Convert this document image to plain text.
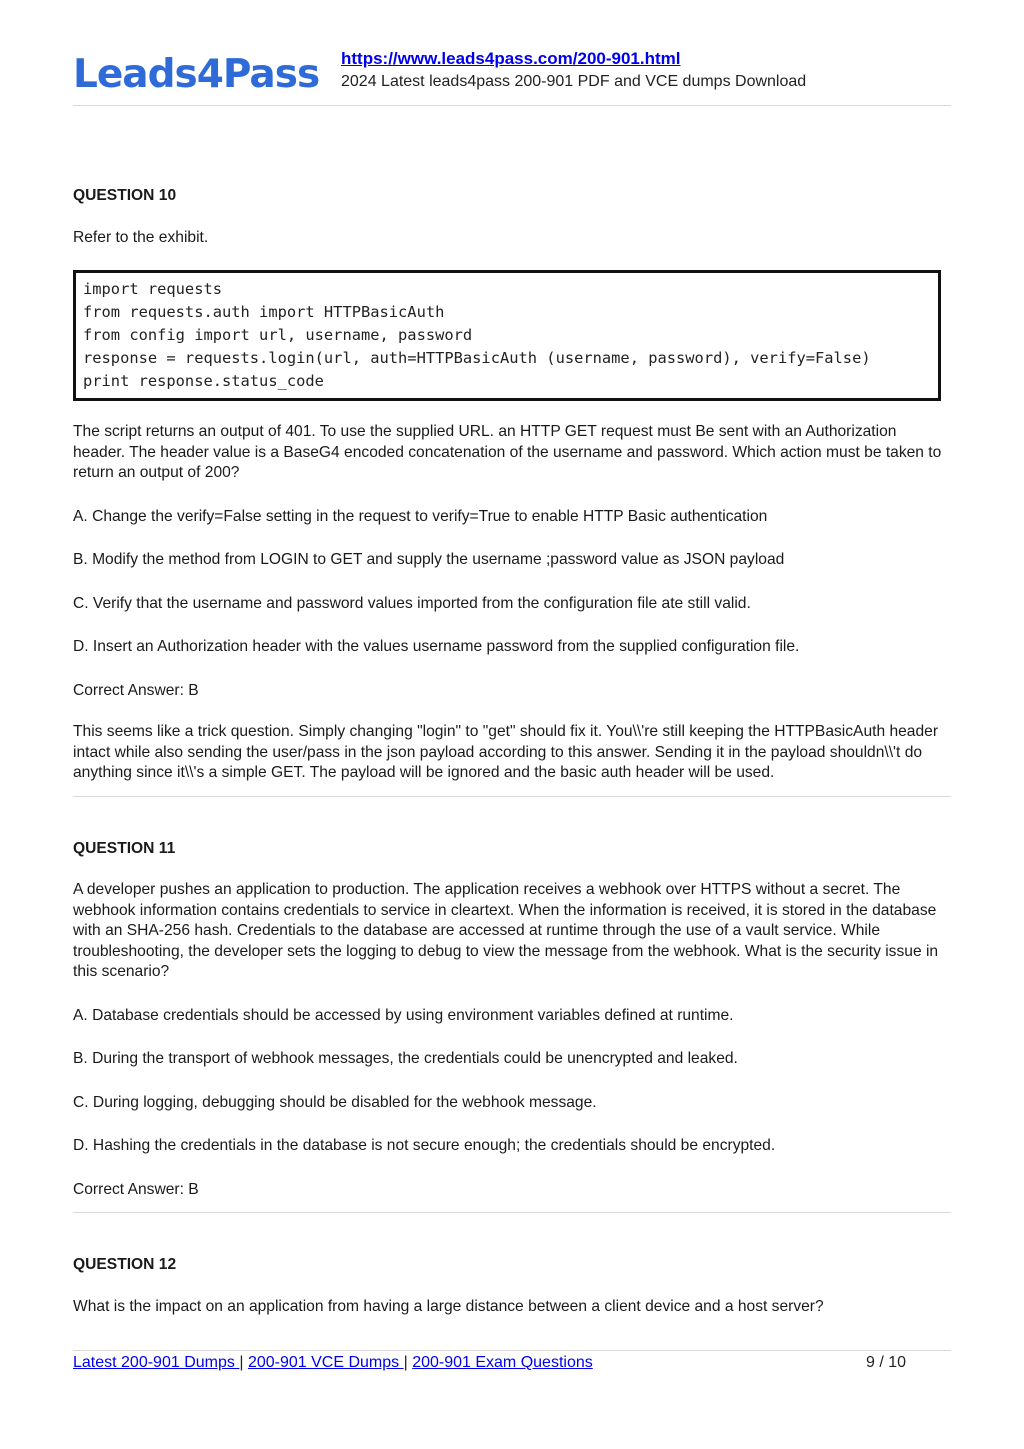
Leads4Pass https://www.leads4pass.com/200-901.html
2024 Latest leads4pass 200-901 PDF and VCE dumps Download

QUESTION 10

Refer to the exhibit.

import requests
from requests.auth import HTTPBasicAuth
from config import url, username, password
response = requests.login(url, auth=HTTPBasicAuth (username, password), verify=False)
print response.status_code

The script returns an output of 401. To use the supplied URL. an HTTP GET request must Be sent with an Authorization header. The header value is a BaseG4 encoded concatenation of the username and password. Which action must be taken to return an output of 200?

A. Change the verify=False setting in the request to verify=True to enable HTTP Basic authentication

B. Modify the method from LOGIN to GET and supply the username ;password value as JSON payload

C. Verify that the username and password values imported from the configuration file ate still valid.

D. Insert an Authorization header with the values username password from the supplied configuration file.

Correct Answer: B

This seems like a trick question. Simply changing "login" to "get" should fix it. You\\'re still keeping the HTTPBasicAuth header intact while also sending the user/pass in the json payload according to this answer. Sending it in the payload shouldn\\'t do anything since it\\'s a simple GET. The payload will be ignored and the basic auth header will be used.

QUESTION 11

A developer pushes an application to production. The application receives a webhook over HTTPS without a secret. The webhook information contains credentials to service in cleartext. When the information is received, it is stored in the database with an SHA-256 hash. Credentials to the database are accessed at runtime through the use of a vault service. While troubleshooting, the developer sets the logging to debug to view the message from the webhook. What is the security issue in this scenario?

A. Database credentials should be accessed by using environment variables defined at runtime.

B. During the transport of webhook messages, the credentials could be unencrypted and leaked.

C. During logging, debugging should be disabled for the webhook message.

D. Hashing the credentials in the database is not secure enough; the credentials should be encrypted.

Correct Answer: B

QUESTION 12

What is the impact on an application from having a large distance between a client device and a host server?

Latest 200-901 Dumps | 200-901 VCE Dumps | 200-901 Exam Questions	9 / 10
